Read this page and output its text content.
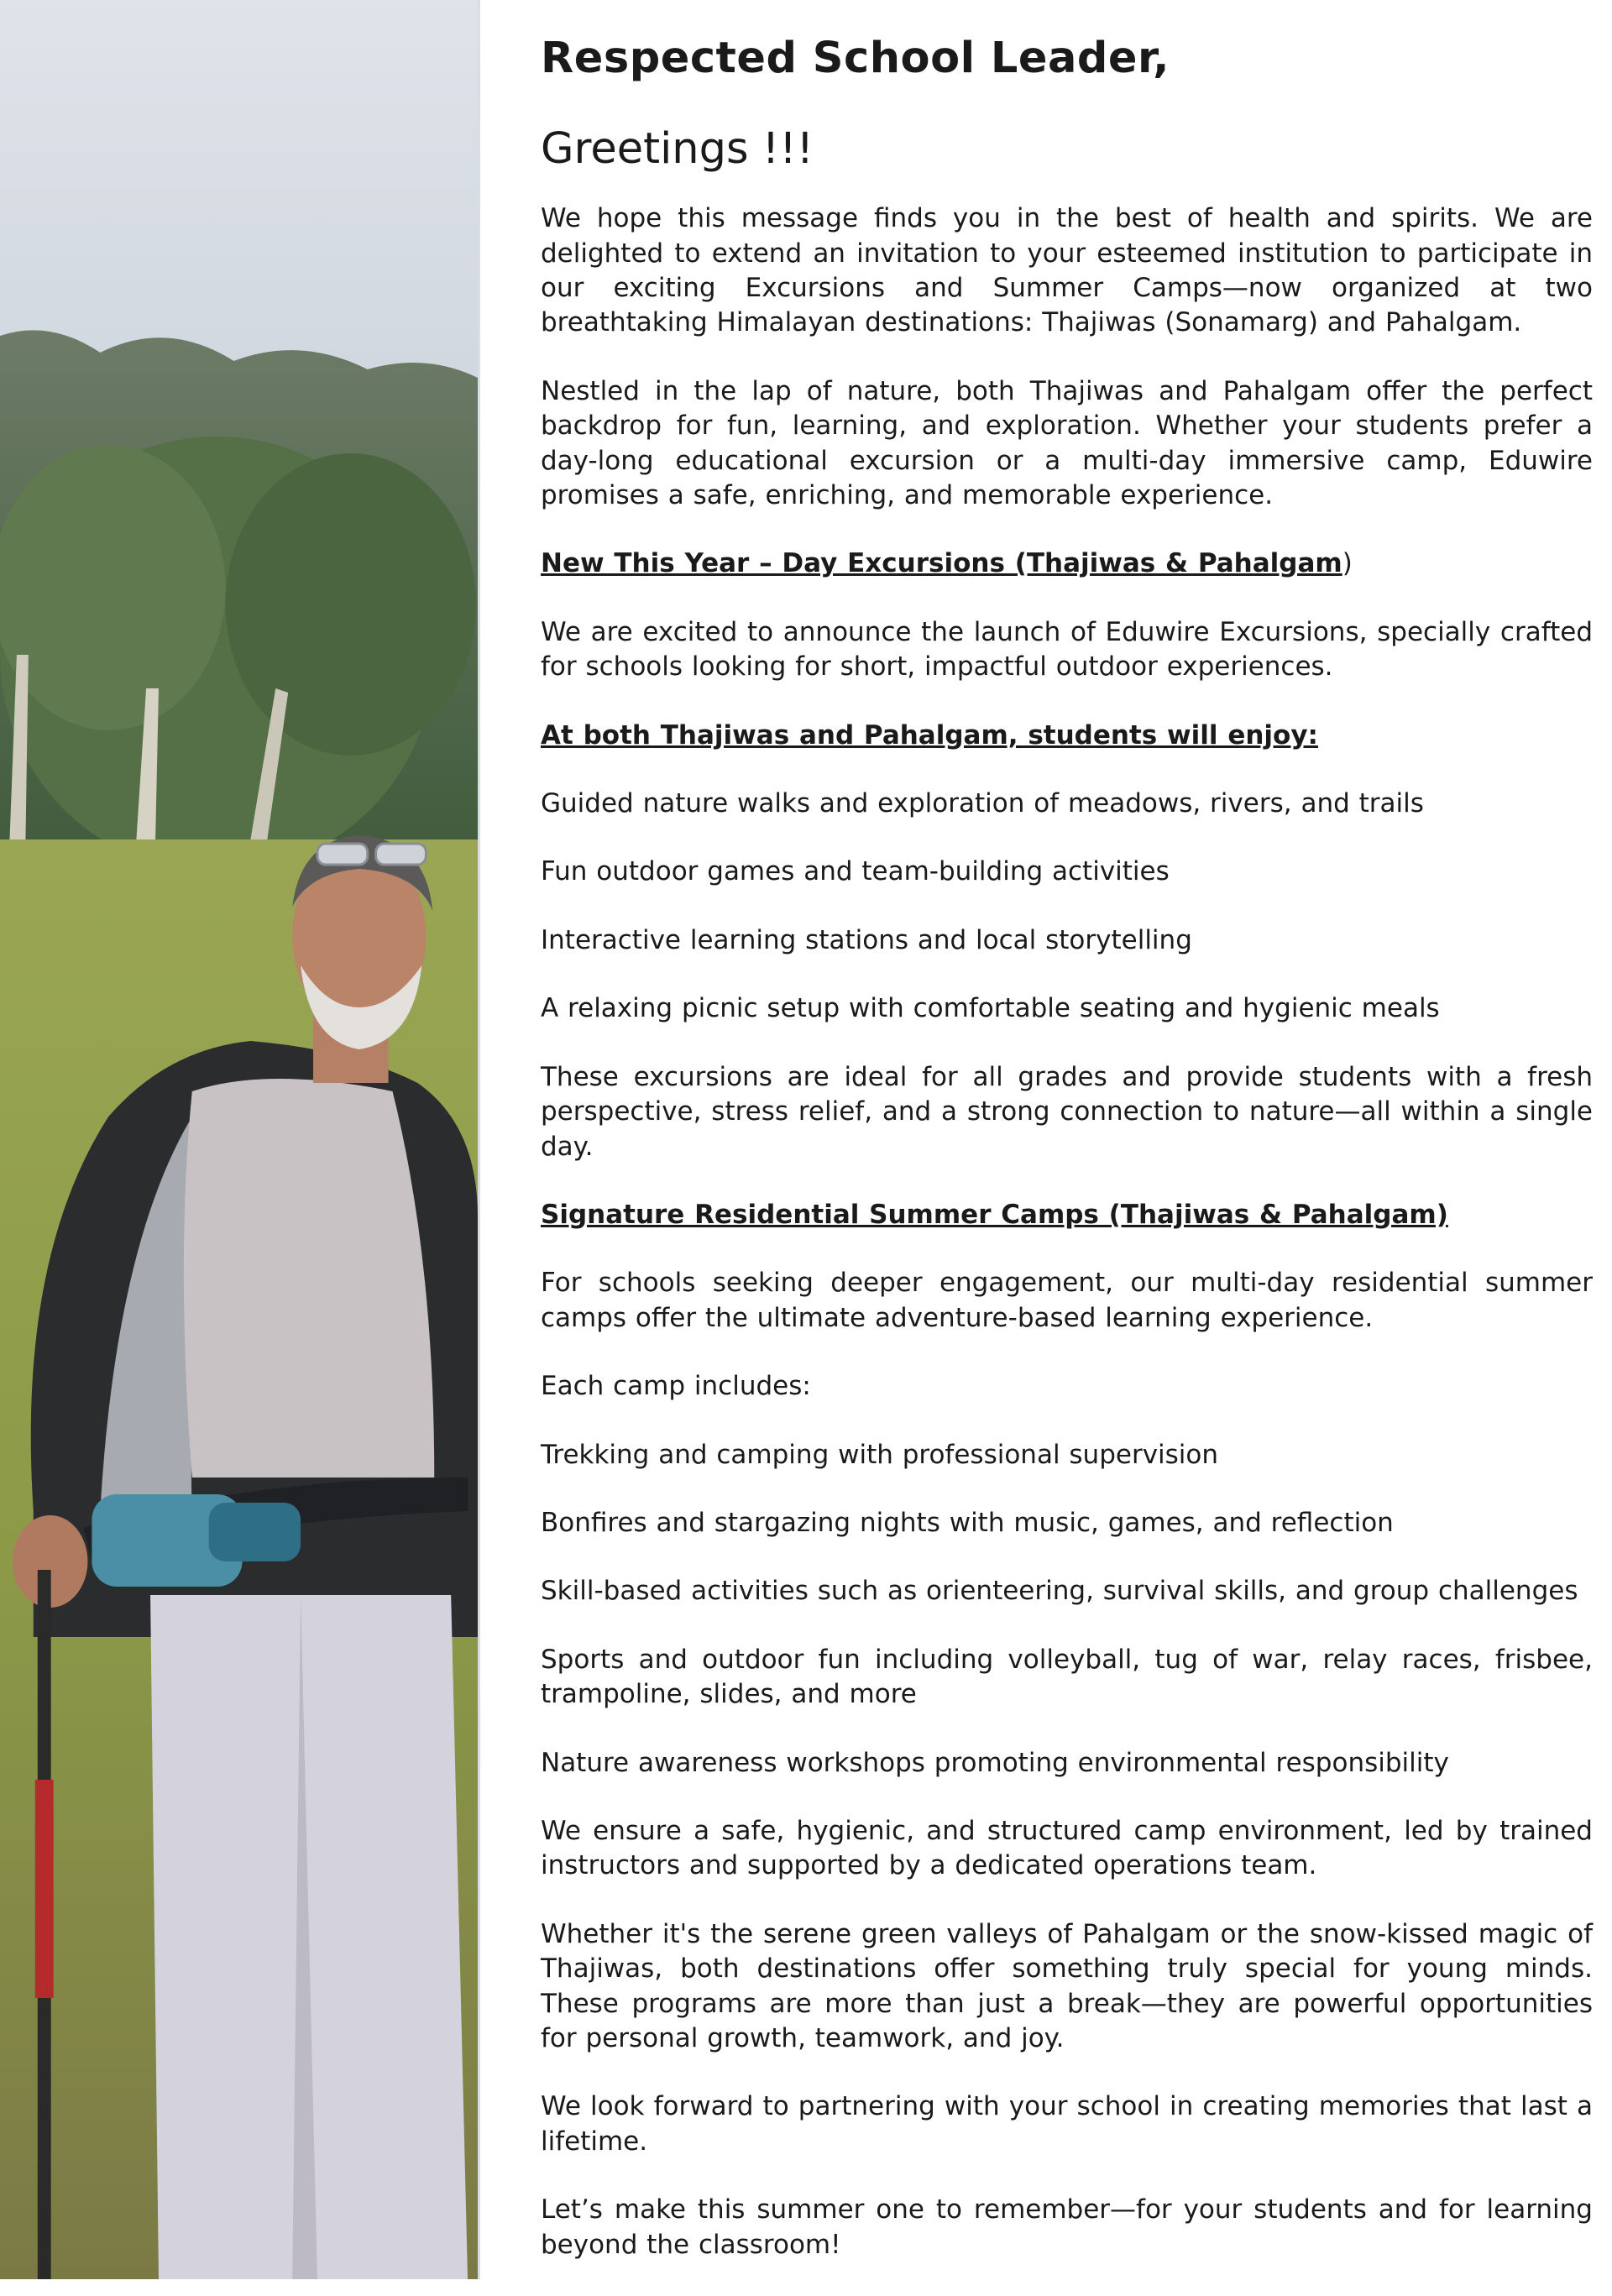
Respected School Leader,
Greetings !!!

We hope this message finds you in the best of health and spirits. We are delighted to extend an invitation to your esteemed institution to participate in our exciting Excursions and Summer Camps—now organized at two breathtaking Himalayan destinations: Thajiwas (Sonamarg) and Pahalgam.

Nestled in the lap of nature, both Thajiwas and Pahalgam offer the perfect backdrop for fun, learning, and exploration. Whether your students prefer a day-long educational excursion or a multi-day immersive camp, Eduwire promises a safe, enriching, and memorable experience.

New This Year – Day Excursions (Thajiwas & Pahalgam)

We are excited to announce the launch of Eduwire Excursions, specially crafted for schools looking for short, impactful outdoor experiences.

At both Thajiwas and Pahalgam, students will enjoy:

Guided nature walks and exploration of meadows, rivers, and trails

Fun outdoor games and team-building activities

Interactive learning stations and local storytelling

A relaxing picnic setup with comfortable seating and hygienic meals

These excursions are ideal for all grades and provide students with a fresh perspective, stress relief, and a strong connection to nature—all within a single day.

Signature Residential Summer Camps (Thajiwas & Pahalgam)

For schools seeking deeper engagement, our multi-day residential summer camps offer the ultimate adventure-based learning experience.

Each camp includes:

Trekking and camping with professional supervision

Bonfires and stargazing nights with music, games, and reflection

Skill-based activities such as orienteering, survival skills, and group challenges

Sports and outdoor fun including volleyball, tug of war, relay races, frisbee, trampoline, slides, and more

Nature awareness workshops promoting environmental responsibility

We ensure a safe, hygienic, and structured camp environment, led by trained instructors and supported by a dedicated operations team.

Whether it's the serene green valleys of Pahalgam or the snow-kissed magic of Thajiwas, both destinations offer something truly special for young minds. These programs are more than just a break—they are powerful opportunities for personal growth, teamwork, and joy.

We look forward to partnering with your school in creating memories that last a lifetime.

Let’s make this summer one to remember—for your students and for learning beyond the classroom!
